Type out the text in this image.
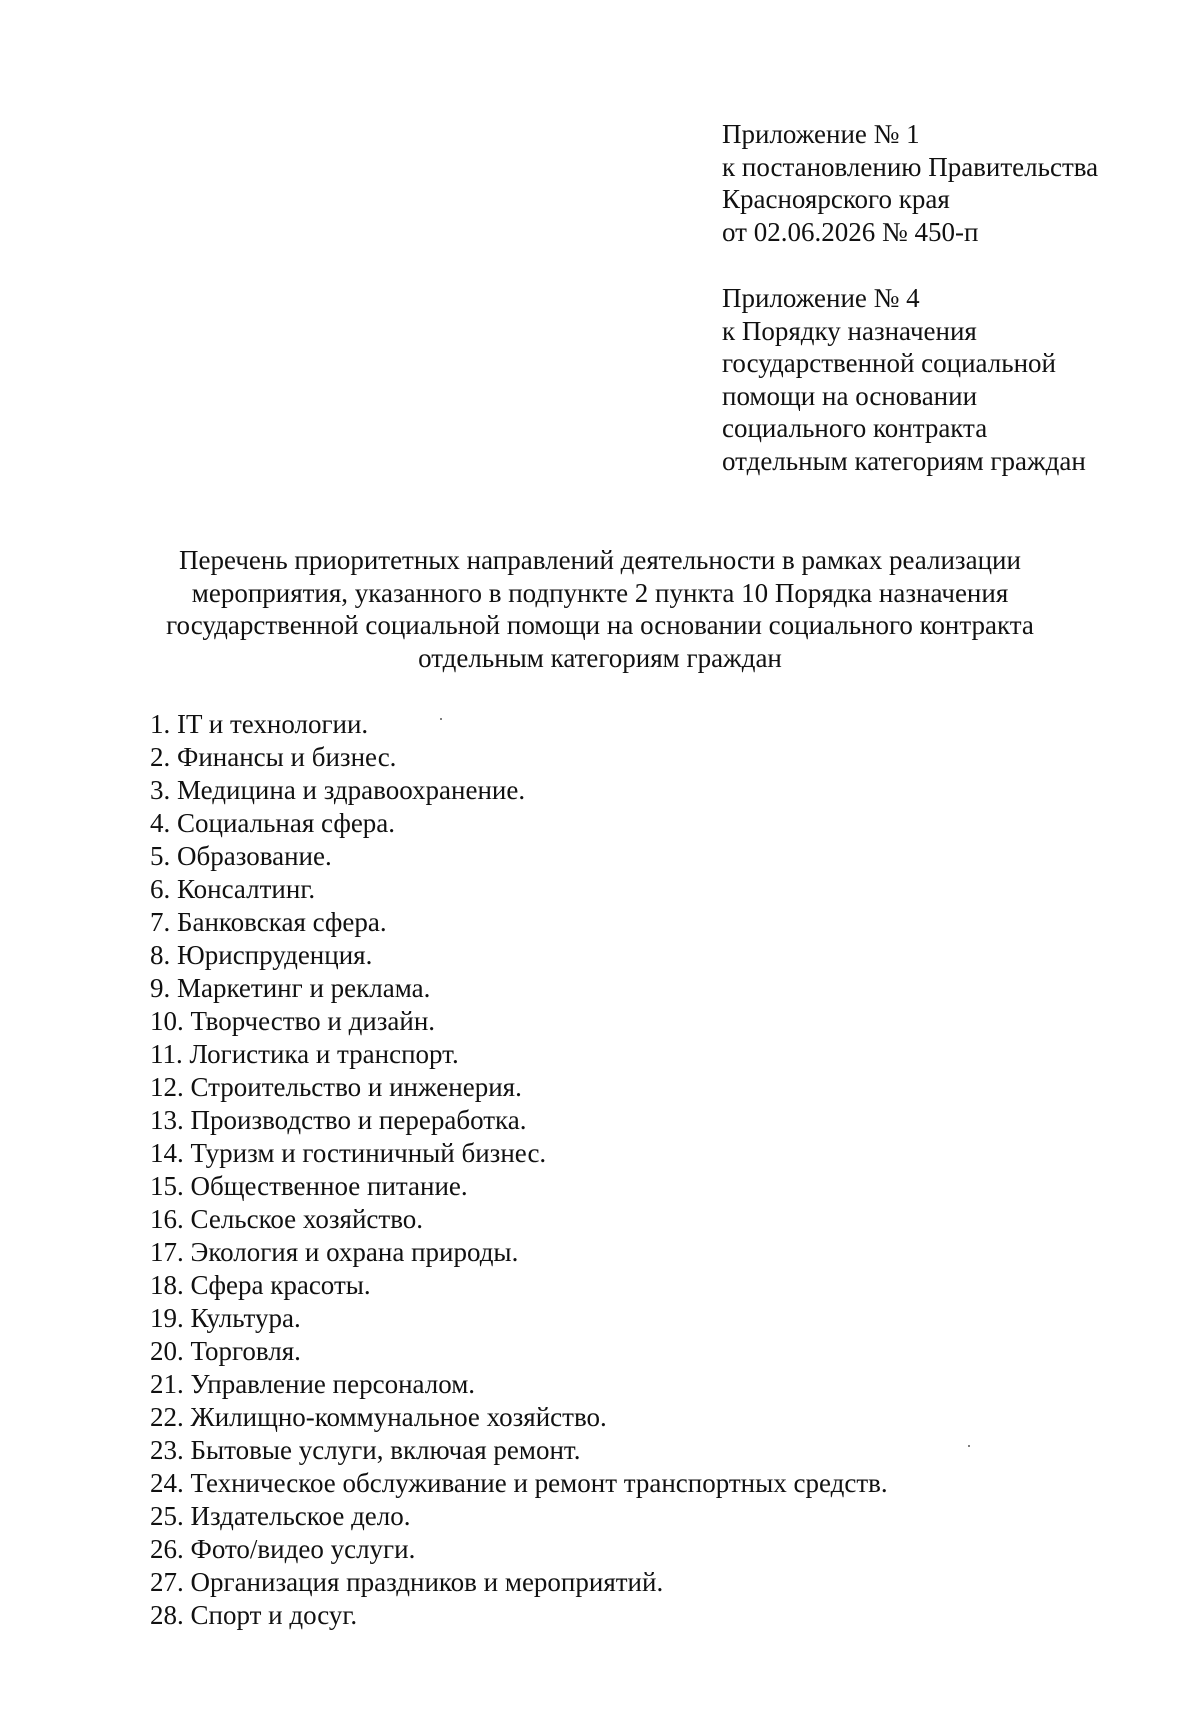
Приложение № 1
к постановлению Правительства
Красноярского края
от 02.06.2026 № 450-п
Приложение № 4
к Порядку назначения
государственной социальной
помощи на основании
социального контракта
отдельным категориям граждан
Перечень приоритетных направлений деятельности в рамках реализации
мероприятия, указанного в подпункте 2 пункта 10 Порядка назначения
государственной социальной помощи на основании социального контракта
отдельным категориям граждан
1. IT и технологии.
2. Финансы и бизнес.
3. Медицина и здравоохранение.
4. Социальная сфера.
5. Образование.
6. Консалтинг.
7. Банковская сфера.
8. Юриспруденция.
9. Маркетинг и реклама.
10. Творчество и дизайн.
11. Логистика и транспорт.
12. Строительство и инженерия.
13. Производство и переработка.
14. Туризм и гостиничный бизнес.
15. Общественное питание.
16. Сельское хозяйство.
17. Экология и охрана природы.
18. Сфера красоты.
19. Культура.
20. Торговля.
21. Управление персоналом.
22. Жилищно-коммунальное хозяйство.
23. Бытовые услуги, включая ремонт.
24. Техническое обслуживание и ремонт транспортных средств.
25. Издательское дело.
26. Фото/видео услуги.
27. Организация праздников и мероприятий.
28. Спорт и досуг.
